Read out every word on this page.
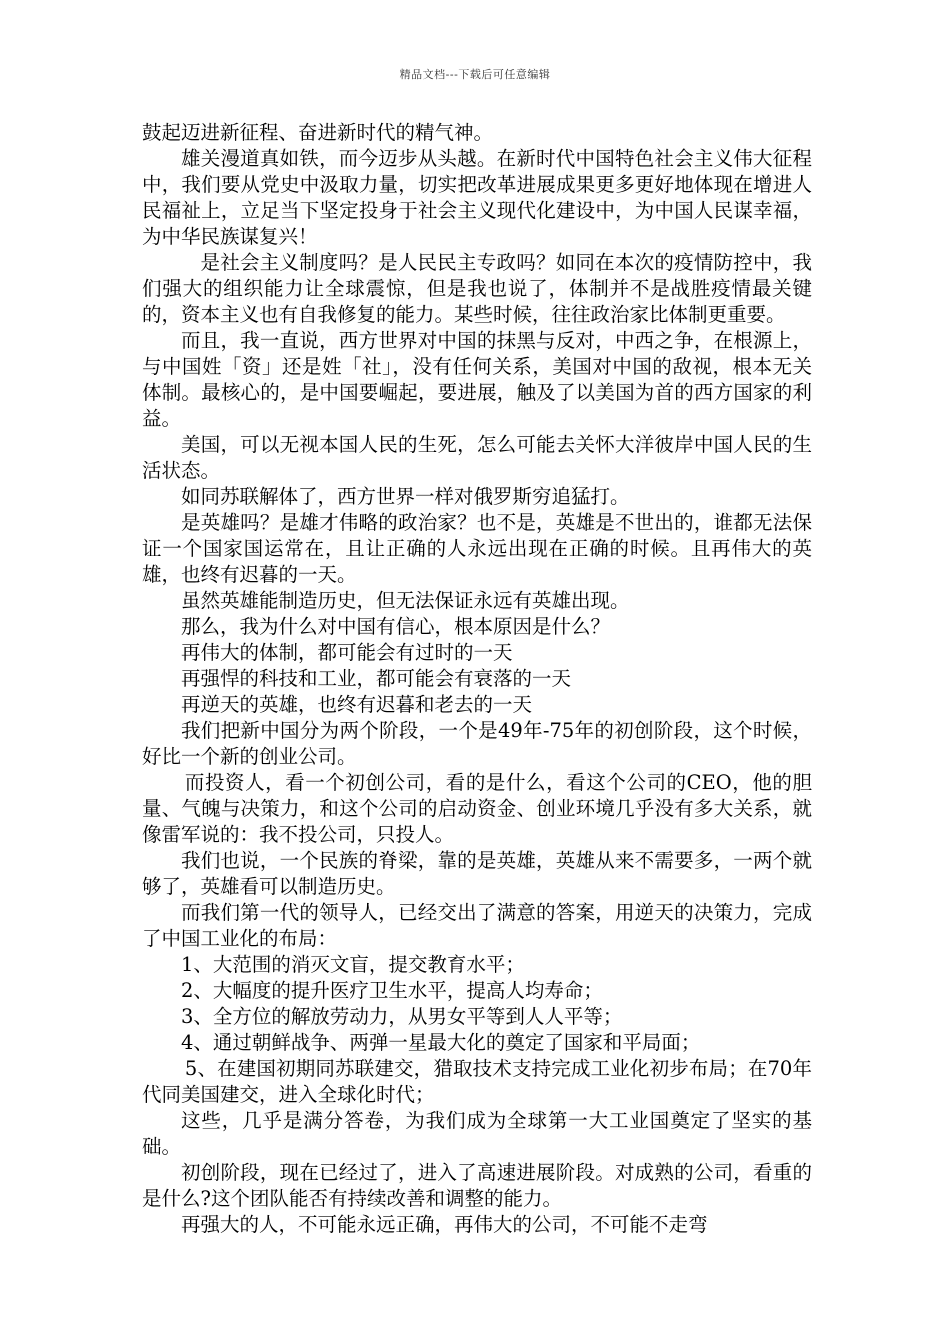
精品文档---下载后可任意编辑

鼓起迈进新征程、奋进新时代的精气神。

雄关漫道真如铁，而今迈步从头越。在新时代中国特色社会主义伟大征程中，我们要从党史中汲取力量，切实把改革进展成果更多更好地体现在增进人民福祉上，立足当下坚定投身于社会主义现代化建设中，为中国人民谋幸福，为中华民族谋复兴！

是社会主义制度吗？是人民民主专政吗？如同在本次的疫情防控中，我们强大的组织能力让全球震惊，但是我也说了，体制并不是战胜疫情最关键的，资本主义也有自我修复的能力。某些时候，往往政治家比体制更重要。

而且，我一直说，西方世界对中国的抹黑与反对，中西之争，在根源上，与中国姓「资」还是姓「社」，没有任何关系，美国对中国的敌视，根本无关体制。最核心的，是中国要崛起，要进展，触及了以美国为首的西方国家的利益。

美国，可以无视本国人民的生死，怎么可能去关怀大洋彼岸中国人民的生活状态。

如同苏联解体了，西方世界一样对俄罗斯穷追猛打。

是英雄吗？是雄才伟略的政治家？也不是，英雄是不世出的，谁都无法保证一个国家国运常在，且让正确的人永远出现在正确的时候。且再伟大的英雄，也终有迟暮的一天。

虽然英雄能制造历史，但无法保证永远有英雄出现。

那么，我为什么对中国有信心，根本原因是什么？

再伟大的体制，都可能会有过时的一天

再强悍的科技和工业，都可能会有衰落的一天

再逆天的英雄，也终有迟暮和老去的一天

我们把新中国分为两个阶段，一个是49年-75年的初创阶段，这个时候，好比一个新的创业公司。

而投资人，看一个初创公司，看的是什么，看这个公司的CEO，他的胆量、气魄与决策力，和这个公司的启动资金、创业环境几乎没有多大关系，就像雷军说的：我不投公司，只投人。

我们也说，一个民族的脊梁，靠的是英雄，英雄从来不需要多，一两个就够了，英雄看可以制造历史。

而我们第一代的领导人，已经交出了满意的答案，用逆天的决策力，完成了中国工业化的布局：

1、大范围的消灭文盲，提交教育水平；

2、大幅度的提升医疗卫生水平，提高人均寿命；

3、全方位的解放劳动力，从男女平等到人人平等；

4、通过朝鲜战争、两弹一星最大化的奠定了国家和平局面；

5、在建国初期同苏联建交，猎取技术支持完成工业化初步布局；在70年代同美国建交，进入全球化时代；

这些，几乎是满分答卷，为我们成为全球第一大工业国奠定了坚实的基础。

初创阶段，现在已经过了，进入了高速进展阶段。对成熟的公司，看重的是什么?这个团队能否有持续改善和调整的能力。

再强大的人，不可能永远正确，再伟大的公司，不可能不走弯
